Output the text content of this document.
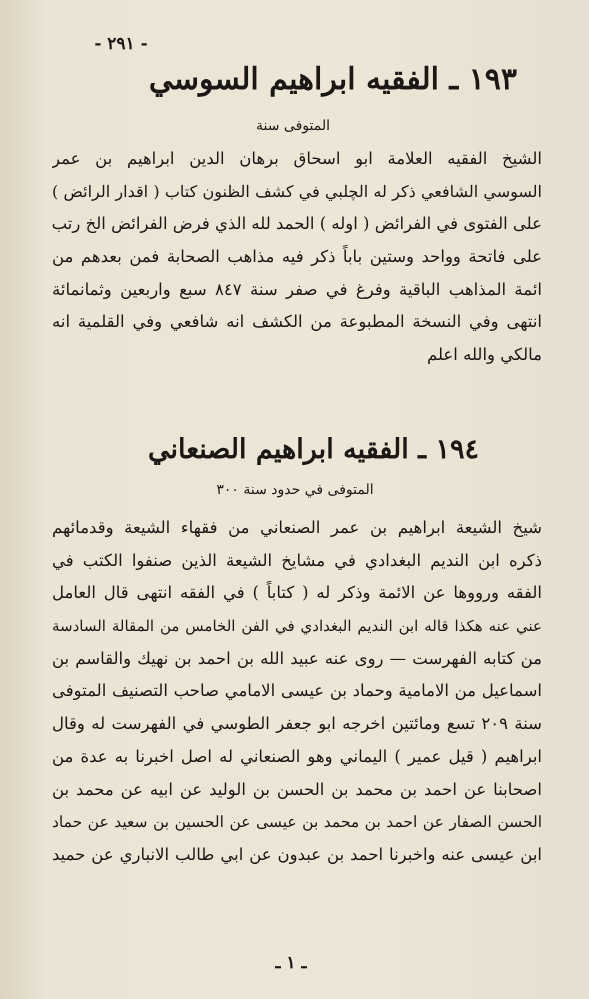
- ٢٩١ -
١٩٣ ـ الفقيه ابراهيم السوسي
المتوفى سنة
الشيخ الفقيه العلامة ابو اسحاق برهان الدين ابراهيم بن عمر
السوسي الشافعي ذكر له الچلبي في كشف الظنون كتاب ( اقدار الرائض )
على الفتوى في الفرائض ( اوله ) الحمد لله الذي فرض الفرائض الخ رتب
على فاتحة وواحد وستين باباً ذكر فيه مذاهب الصحابة فمن بعدهم من
ائمة المذاهب الباقية وفرغ في صفر سنة ٨٤٧ سبع واربعين وثمانمائة
انتهى وفي النسخة المطبوعة من الكشف انه شافعي وفي القلمية انه
مالكي والله اعلم
١٩٤ ـ الفقيه ابراهيم الصنعاني
المتوفى في حدود سنة ٣٠٠
شيخ الشيعة ابراهيم بن عمر الصنعاني من فقهاء الشيعة وقدمائهم
ذكره ابن النديم البغدادي في مشايخ الشيعة الذين صنفوا الكتب في
الفقه ورووها عن الائمة وذكر له ( كتاباً ) في الفقه انتهى قال العامل
عني عنه هكذا قاله ابن النديم البغدادي في الفن الخامس من المقالة السادسة
من كتابه الفهرست — روى عنه عبيد الله بن احمد بن نهيك والقاسم بن
اسماعيل من الامامية وحماد بن عيسى الامامي صاحب التصنيف المتوفى
سنة ٢٠٩ تسع ومائتين اخرجه ابو جعفر الطوسي في الفهرست له وقال
ابراهيم ( قيل عمير ) اليماني وهو الصنعاني له اصل اخبرنا به عدة من
اصحابنا عن احمد بن محمد بن الحسن بن الوليد عن ابيه عن محمد بن
الحسن الصفار عن احمد بن محمد بن عيسى عن الحسين بن سعيد عن حماد
ابن عيسى عنه واخبرنا احمد بن عبدون عن ابي طالب الانباري عن حميد
ـ ١ ـ
